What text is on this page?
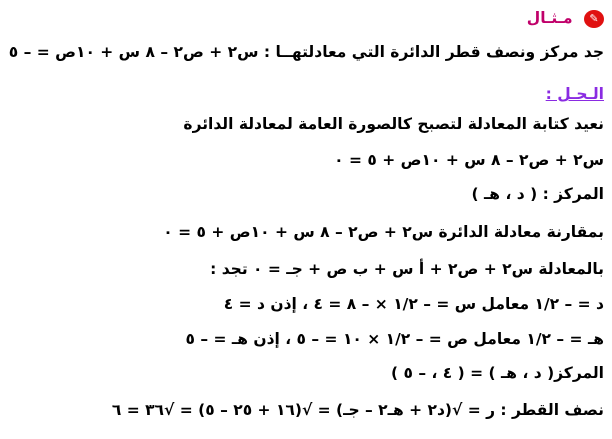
✎ مـثـال
جد مركز ونصف قطر الدائرة التي معادلتهــا : س٢ + ص٢ – ٨ س + ١٠ص = – ٥
الـحـل :
نعيد كتابة المعادلة لتصبح كالصورة العامة لمعادلة الدائرة
س٢ + ص٢ – ٨ س + ١٠ص + ٥ = ٠
المركز : ( د ، هـ )
بمقارنة معادلة الدائرة س٢ + ص٢ – ٨ س + ١٠ص + ٥ = ٠
بالمعادلة س٢ + ص٢ + أ س + ب ص + جـ = ٠ تجد :
د = – ١/٢ معامل س = – ١/٢ × – ٨ = ٤ ، إذن د = ٤
هـ = – ١/٢ معامل ص = – ١/٢ × ١٠ = – ٥ ، إذن هـ = – ٥
المركز( د ، هـ ) = ( ٤ ، – ٥ )
نصف القطر : ر = √(د٢ + هـ٢ – جـ) = √(١٦ + ٢٥ – ٥) = √٣٦ = ٦
